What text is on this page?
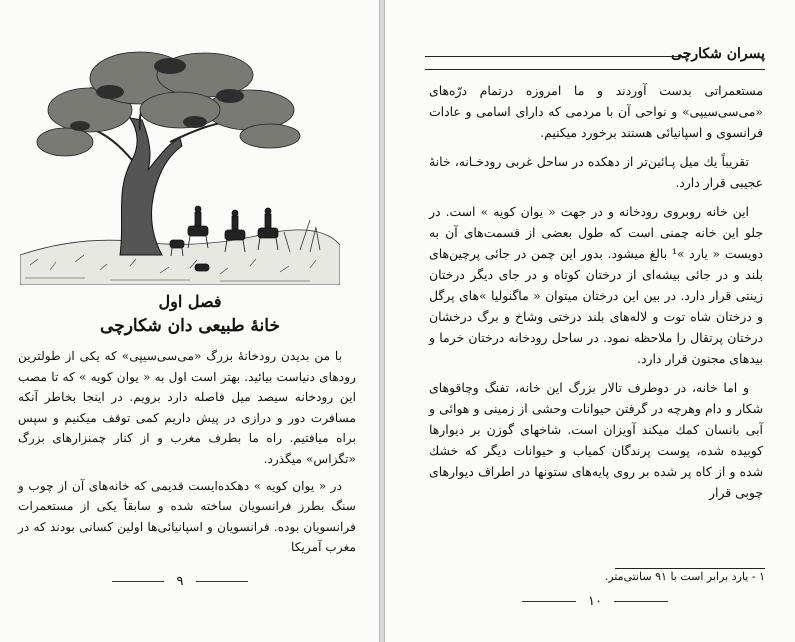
فصل اول
خانۀ طبیعی دان شکارچی

با من بدیدن رودخانۀ بزرگ «می‌سی‌سیپی» که یکی از طولترین رودهای دنیاست بیائید. بهتر است اول به « یوان کویه » که تا مصب این رودخانه سیصد میل فاصله دارد برویم. در اینجا بخاطر آنکه مسافرت دور و درازی در پیش داریم کمی توقف میکنیم و سپس براه میافتیم. راه ما بطرف مغرب و از کنار چمنزارهای بزرگ «تگزاس» میگذرد.

در « یوان کویه » دهکده‌ایست قدیمی که خانه‌های آن از چوب و سنگ بطرز فرانسویان ساخته شده و سابقاً یکی از مستعمرات فرانسویان بوده. فرانسویان و اسپانیائی‌ها اولین کسانی بودند که در مغرب آمریکا

۹
پسران شکارچی

مستعمراتی بدست آوردند و ما امروزه درتمام درّه‌های «می‌سی‌سیپی» و نواحی آن با مردمی که دارای اسامی و عادات فرانسوی و اسپانیائی هستند برخورد میکنیم.

تقریباً یك میل پـائین‌تر از دهکده در ساحل غربی رودخـانه، خانۀ عجیبی قرار دارد.

این خانه روبروی رودخانه و در جهت « یوان کویه » است. در جلو این خانه چمنی است که طول بعضی از قسمت‌های آن به دویست « یارد »¹ بالغ میشود. بدور این چمن در جائی پرچین‌های بلند و در جائی بیشه‌ای از درختان کوتاه و در جای دیگر درختان زینتی قرار دارد. در بین این درختان میتوان « ماگنولیا »های پرگل و درختان شاه توت و لاله‌های بلند درختی وشاخ و برگ درخشان درختان پرتقال را ملاحظه نمود. در ساحل رودخانه درختان خرما و بیدهای مجنون قرار دارد.

و اما خانه، در دوطرف تالار بزرگ این خانه، تفنگ وچاقوهای شکار و دام وهرچه در گرفتن حیوانات وحشی از زمینی و هوائی و آبی بانسان کمك میکند آویزان است. شاخهای گوزن بر دیوارها کوبیده شده، پوست پرندگان کمیاب و حیوانات دیگر که خشك شده و از کاه پر شده بر روی پایه‌های ستونها در اطراف دیوارهای چوبی قرار

۱ - یارد برابر است با ۹۱ سانتی‌متر.
۱۰
